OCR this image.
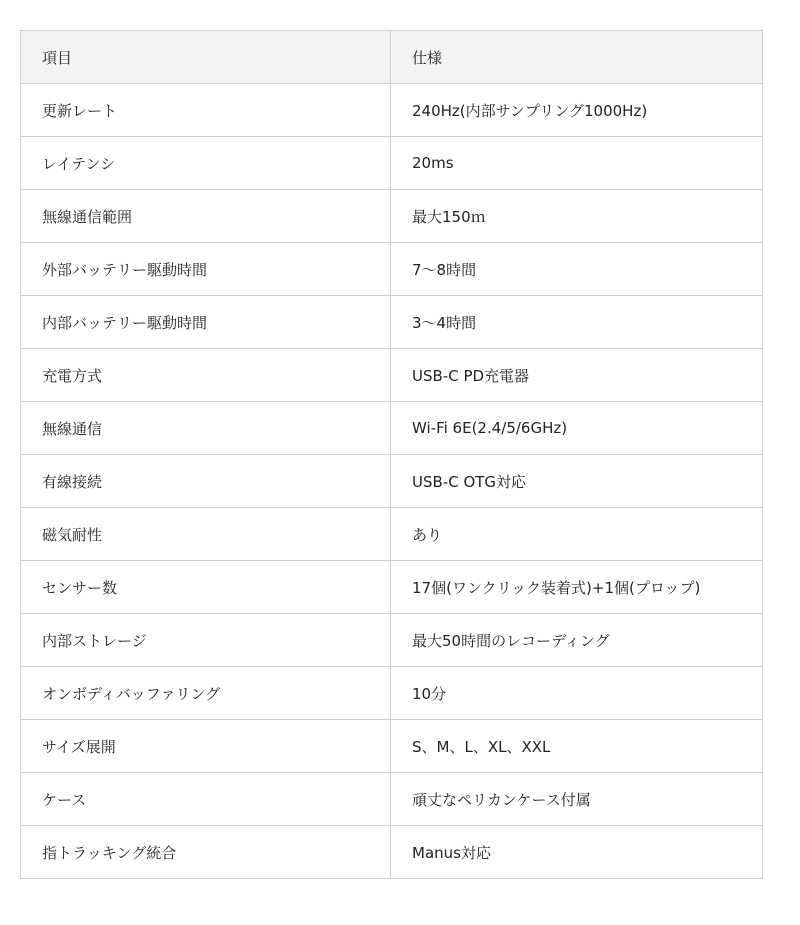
項目	仕様
更新レート	240Hz(内部サンプリング1000Hz)
レイテンシ	20ms
無線通信範囲	最大150ｍ
外部バッテリー駆動時間	7〜8時間
内部バッテリー駆動時間	3〜4時間
充電方式	USB-C PD充電器
無線通信	Wi-Fi 6E(2.4/5/6GHz)
有線接続	USB-C OTG対応
磁気耐性	あり
センサー数	17個(ワンクリック装着式)+1個(プロップ)
内部ストレージ	最大50時間のレコーディング
オンボディバッファリング	10分
サイズ展開	S、M、L、XL、XXL
ケース	頑丈なペリカンケース付属
指トラッキング統合	Manus対応
